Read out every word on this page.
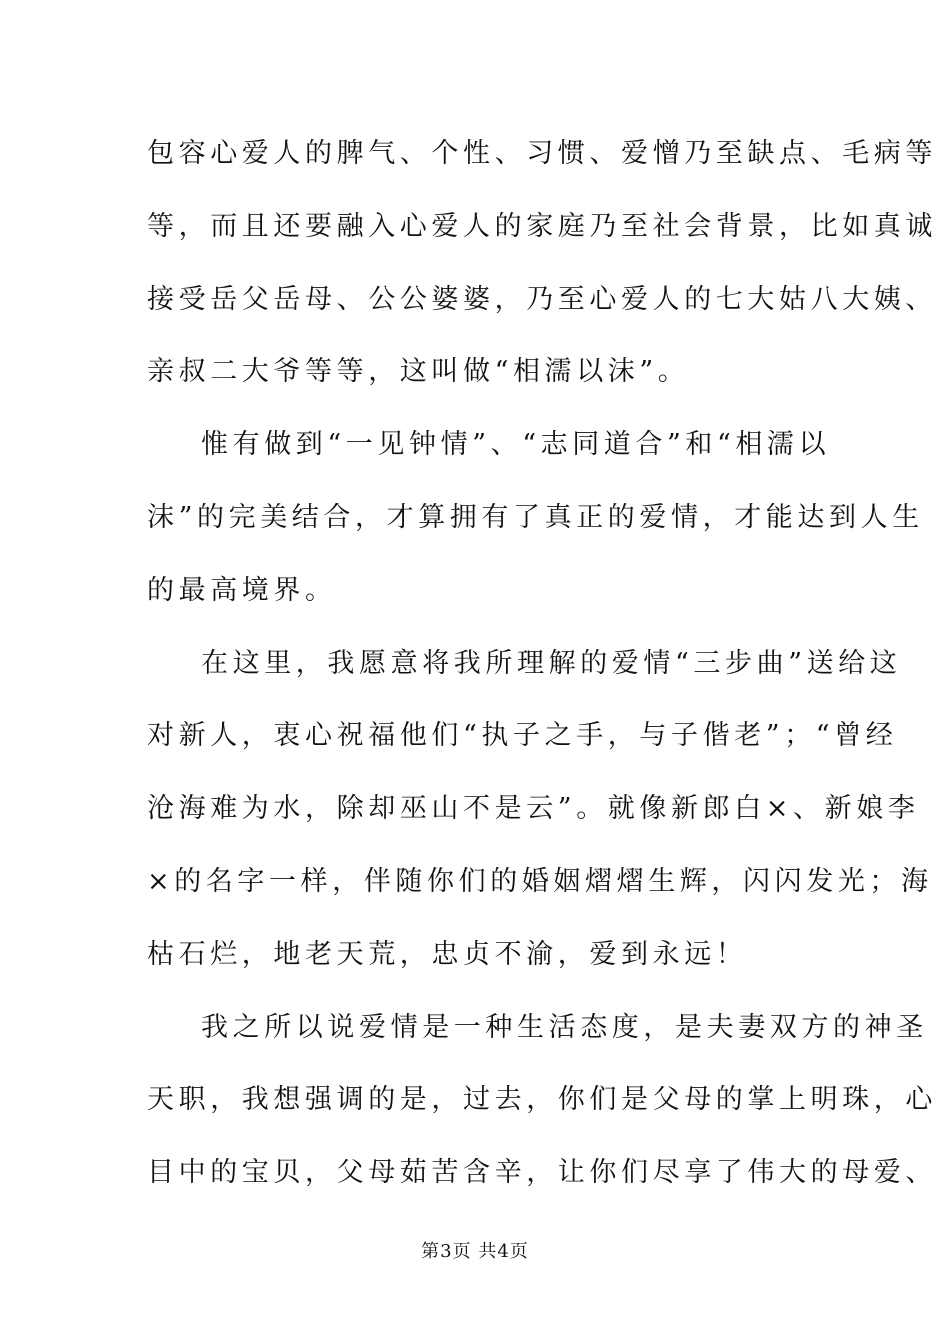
包容心爱人的脾气、个性、习惯、爱憎乃至缺点、毛病等
等，而且还要融入心爱人的家庭乃至社会背景，比如真诚
接受岳父岳母、公公婆婆，乃至心爱人的七大姑八大姨、
亲叔二大爷等等，这叫做“相濡以沫”。
惟有做到“一见钟情”、“志同道合”和“相濡以
沫”的完美结合，才算拥有了真正的爱情，才能达到人生
的最高境界。
在这里，我愿意将我所理解的爱情“三步曲”送给这
对新人，衷心祝福他们“执子之手，与子偕老”；“曾经
沧海难为水，除却巫山不是云”。就像新郎白×、新娘李
×的名字一样，伴随你们的婚姻熠熠生辉，闪闪发光；海
枯石烂，地老天荒，忠贞不渝，爱到永远！
我之所以说爱情是一种生活态度，是夫妻双方的神圣
天职，我想强调的是，过去，你们是父母的掌上明珠，心
目中的宝贝，父母茹苦含辛，让你们尽享了伟大的母爱、
第3页 共4页
